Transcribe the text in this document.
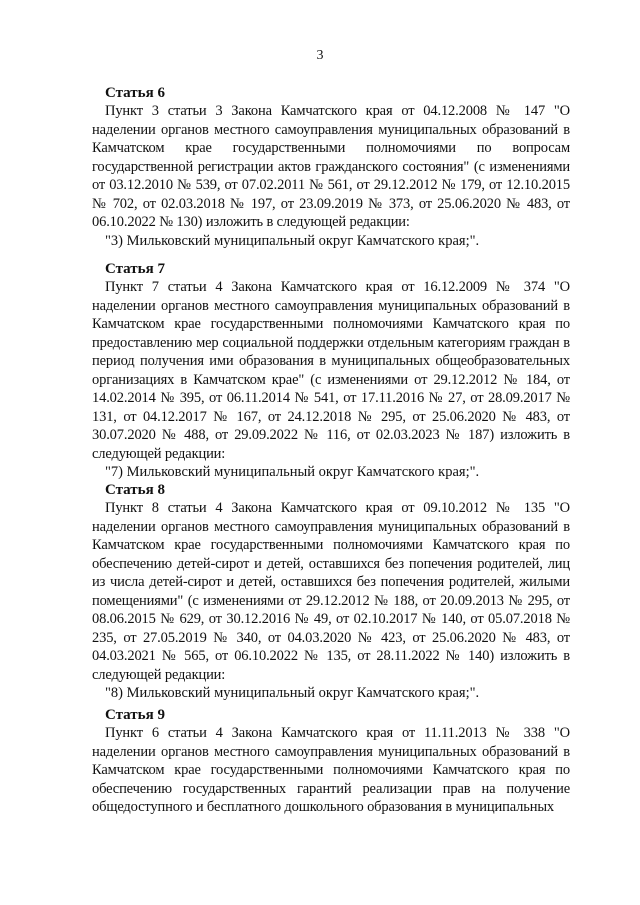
3
Статья 6

Пункт 3 статьи 3 Закона Камчатского края от 04.12.2008 № 147 "О наделении органов местного самоуправления муниципальных образований в Камчатском крае государственными полномочиями по вопросам государственной регистрации актов гражданского состояния" (с изменениями от 03.12.2010 № 539, от 07.02.2011 № 561, от 29.12.2012 № 179, от 12.10.2015 № 702, от 02.03.2018 № 197, от 23.09.2019 № 373, от 25.06.2020 № 483, от 06.10.2022 № 130) изложить в следующей редакции:

"3) Мильковский муниципальный округ Камчатского края;".

Статья 7

Пункт 7 статьи 4 Закона Камчатского края от 16.12.2009 № 374 "О наделении органов местного самоуправления муниципальных образований в Камчатском крае государственными полномочиями Камчатского края по предоставлению мер социальной поддержки отдельным категориям граждан в период получения ими образования в муниципальных общеобразовательных организациях в Камчатском крае" (с изменениями от 29.12.2012 № 184, от 14.02.2014 № 395, от 06.11.2014 № 541, от 17.11.2016 № 27, от 28.09.2017 № 131, от 04.12.2017 № 167, от 24.12.2018 № 295, от 25.06.2020 № 483, от 30.07.2020 № 488, от 29.09.2022 № 116, от 02.03.2023 № 187) изложить в следующей редакции:

"7) Мильковский муниципальный округ Камчатского края;".

Статья 8

Пункт 8 статьи 4 Закона Камчатского края от 09.10.2012 № 135 "О наделении органов местного самоуправления муниципальных образований в Камчатском крае государственными полномочиями Камчатского края по обеспечению детей-сирот и детей, оставшихся без попечения родителей, лиц из числа детей-сирот и детей, оставшихся без попечения родителей, жилыми помещениями" (с изменениями от 29.12.2012 № 188, от 20.09.2013 № 295, от 08.06.2015 № 629, от 30.12.2016 № 49, от 02.10.2017 № 140, от 05.07.2018 № 235, от 27.05.2019 № 340, от 04.03.2020 № 423, от 25.06.2020 № 483, от 04.03.2021 № 565, от 06.10.2022 № 135, от 28.11.2022 № 140) изложить в следующей редакции:

"8) Мильковский муниципальный округ Камчатского края;".

Статья 9

Пункт 6 статьи 4 Закона Камчатского края от 11.11.2013 № 338 "О наделении органов местного самоуправления муниципальных образований в Камчатском крае государственными полномочиями Камчатского края по обеспечению государственных гарантий реализации прав на получение общедоступного и бесплатного дошкольного образования в муниципальных
